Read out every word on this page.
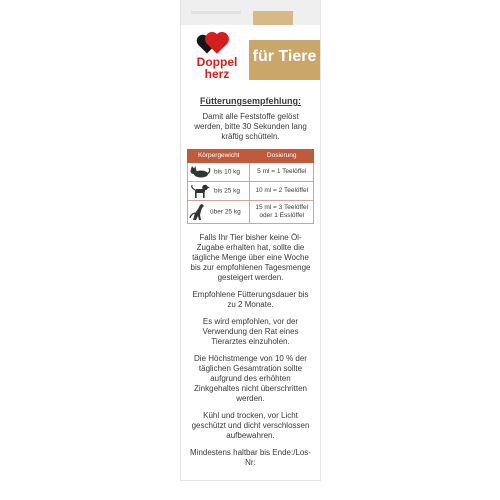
Doppel
herz
für Tiere
Fütterungsempfehlung:
Damit alle Feststoffe gelöst werden, bitte 30 Sekunden lang kräftig schütteln.
Körpergewicht	Dosierung
bis 10 kg	5 ml = 1 Teelöffel
bis 25 kg	10 ml = 2 Teelöffel
über 25 kg	15 ml = 3 Teelöffel
oder 1 Esslöffel
Falls Ihr Tier bisher keine Öl-Zugabe erhalten hat, sollte die tägliche Menge über eine Woche bis zur empfohlenen Tagesmenge gesteigert werden.
Empfohlene Fütterungsdauer bis zu 2 Monate.
Es wird empfohlen, vor der Verwendung den Rat eines Tierarztes einzuholen.
Die Höchstmenge von 10 % der täglichen Gesamtration sollte aufgrund des erhöhten Zinkgehaltes nicht überschritten werden.
Kühl und trocken, vor Licht geschützt und dicht verschlossen aufbewahren.
Mindestens haltbar bis Ende:/Los-Nr:
